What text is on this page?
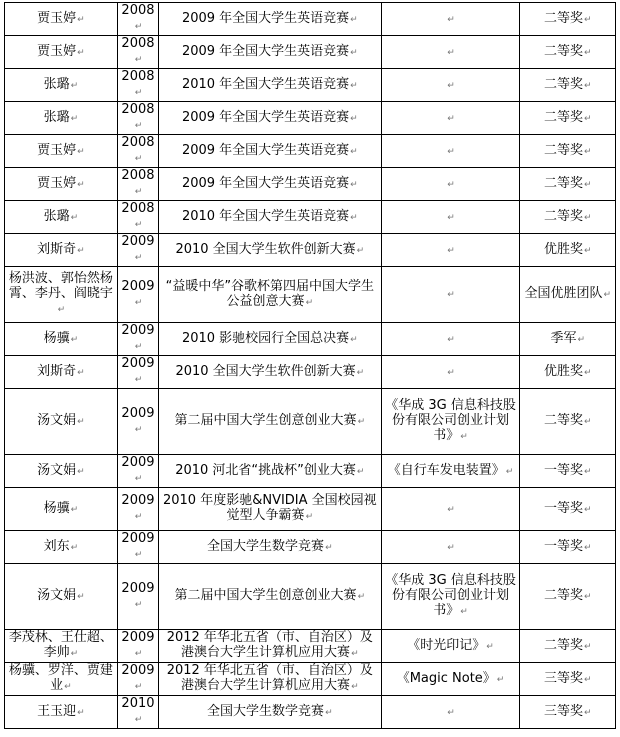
贾玉婷↵	2008↵	2009 年全国大学生英语竞赛↵	↵	二等奖↵
贾玉婷↵	2008↵	2009 年全国大学生英语竞赛↵	↵	二等奖↵
张璐↵	2008↵	2010 年全国大学生英语竞赛↵	↵	二等奖↵
张璐↵	2008↵	2009 年全国大学生英语竞赛↵	↵	二等奖↵
贾玉婷↵	2008↵	2009 年全国大学生英语竞赛↵	↵	二等奖↵
贾玉婷↵	2008↵	2009 年全国大学生英语竞赛↵	↵	二等奖↵
张璐↵	2008↵	2010 年全国大学生英语竞赛↵	↵	二等奖↵
刘斯奇↵	2009↵	2010 全国大学生软件创新大赛↵	↵	优胜奖↵
杨洪波、郭怡然杨霄、李丹、阎晓宇↵	2009↵	“益暖中华”谷歌杯第四届中国大学生公益创意大赛↵	↵	全国优胜团队↵
杨骥↵	2009↵	2010 影驰校园行全国总决赛↵	↵	季军↵
刘斯奇↵	2009↵	2010 全国大学生软件创新大赛↵	↵	优胜奖↵
汤文娟↵	2009↵	第二届中国大学生创意创业大赛↵	《华成 3G 信息科技股份有限公司创业计划书》↵	二等奖↵
汤文娟↵	2009↵	2010 河北省“挑战杯”创业大赛↵	《自行车发电装置》↵	一等奖↵
杨骥↵	2009↵	2010 年度影驰&NVIDIA 全国校园视觉型人争霸赛↵	↵	一等奖↵
刘东↵	2009↵	全国大学生数学竞赛↵	↵	一等奖↵
汤文娟↵	2009↵	第二届中国大学生创意创业大赛↵	《华成 3G 信息科技股份有限公司创业计划书》↵	二等奖↵
李茂林、王仕超、李帅↵	2009↵	2012 年华北五省（市、自治区）及港澳台大学生计算机应用大赛↵	《时光印记》↵	二等奖↵
杨骥、罗洋、贾建业↵	2009↵	2012 年华北五省（市、自治区）及港澳台大学生计算机应用大赛↵	《Magic Note》↵	三等奖↵
王玉迎↵	2010↵	全国大学生数学竞赛↵	↵	三等奖↵
